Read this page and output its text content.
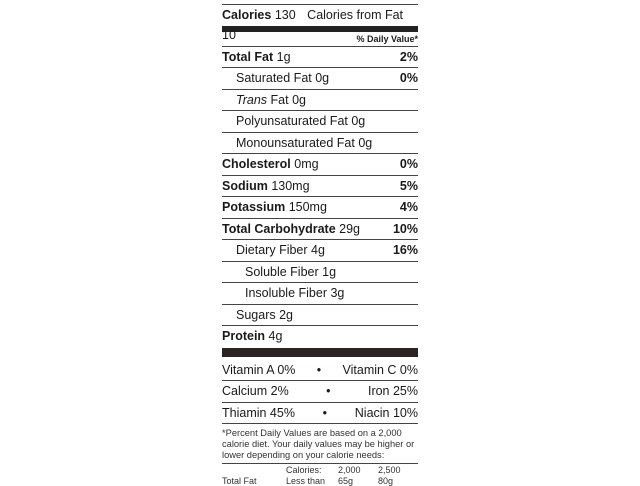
Calories 130 Calories from Fat 10	% Daily Value*
Total Fat 1g	2%
Saturated Fat 0g	0%
Trans Fat 0g
Polyunsaturated Fat 0g
Monounsaturated Fat 0g
Cholesterol 0mg	0%
Sodium 130mg	5%
Potassium 150mg	4%
Total Carbohydrate 29g	10%
Dietary Fiber 4g	16%
Soluble Fiber 1g
Insoluble Fiber 3g
Sugars 2g
Protein 4g
Vitamin A 0%	•	Vitamin C 0%
Calcium 2%	•	Iron 25%
Thiamin 45%	•	Niacin 10%
*Percent Daily Values are based on a 2,000 calorie diet. Your daily values may be higher or lower depending on your calorie needs:
	Calories:	2,000	2,500
Total Fat	Less than	65g	80g
